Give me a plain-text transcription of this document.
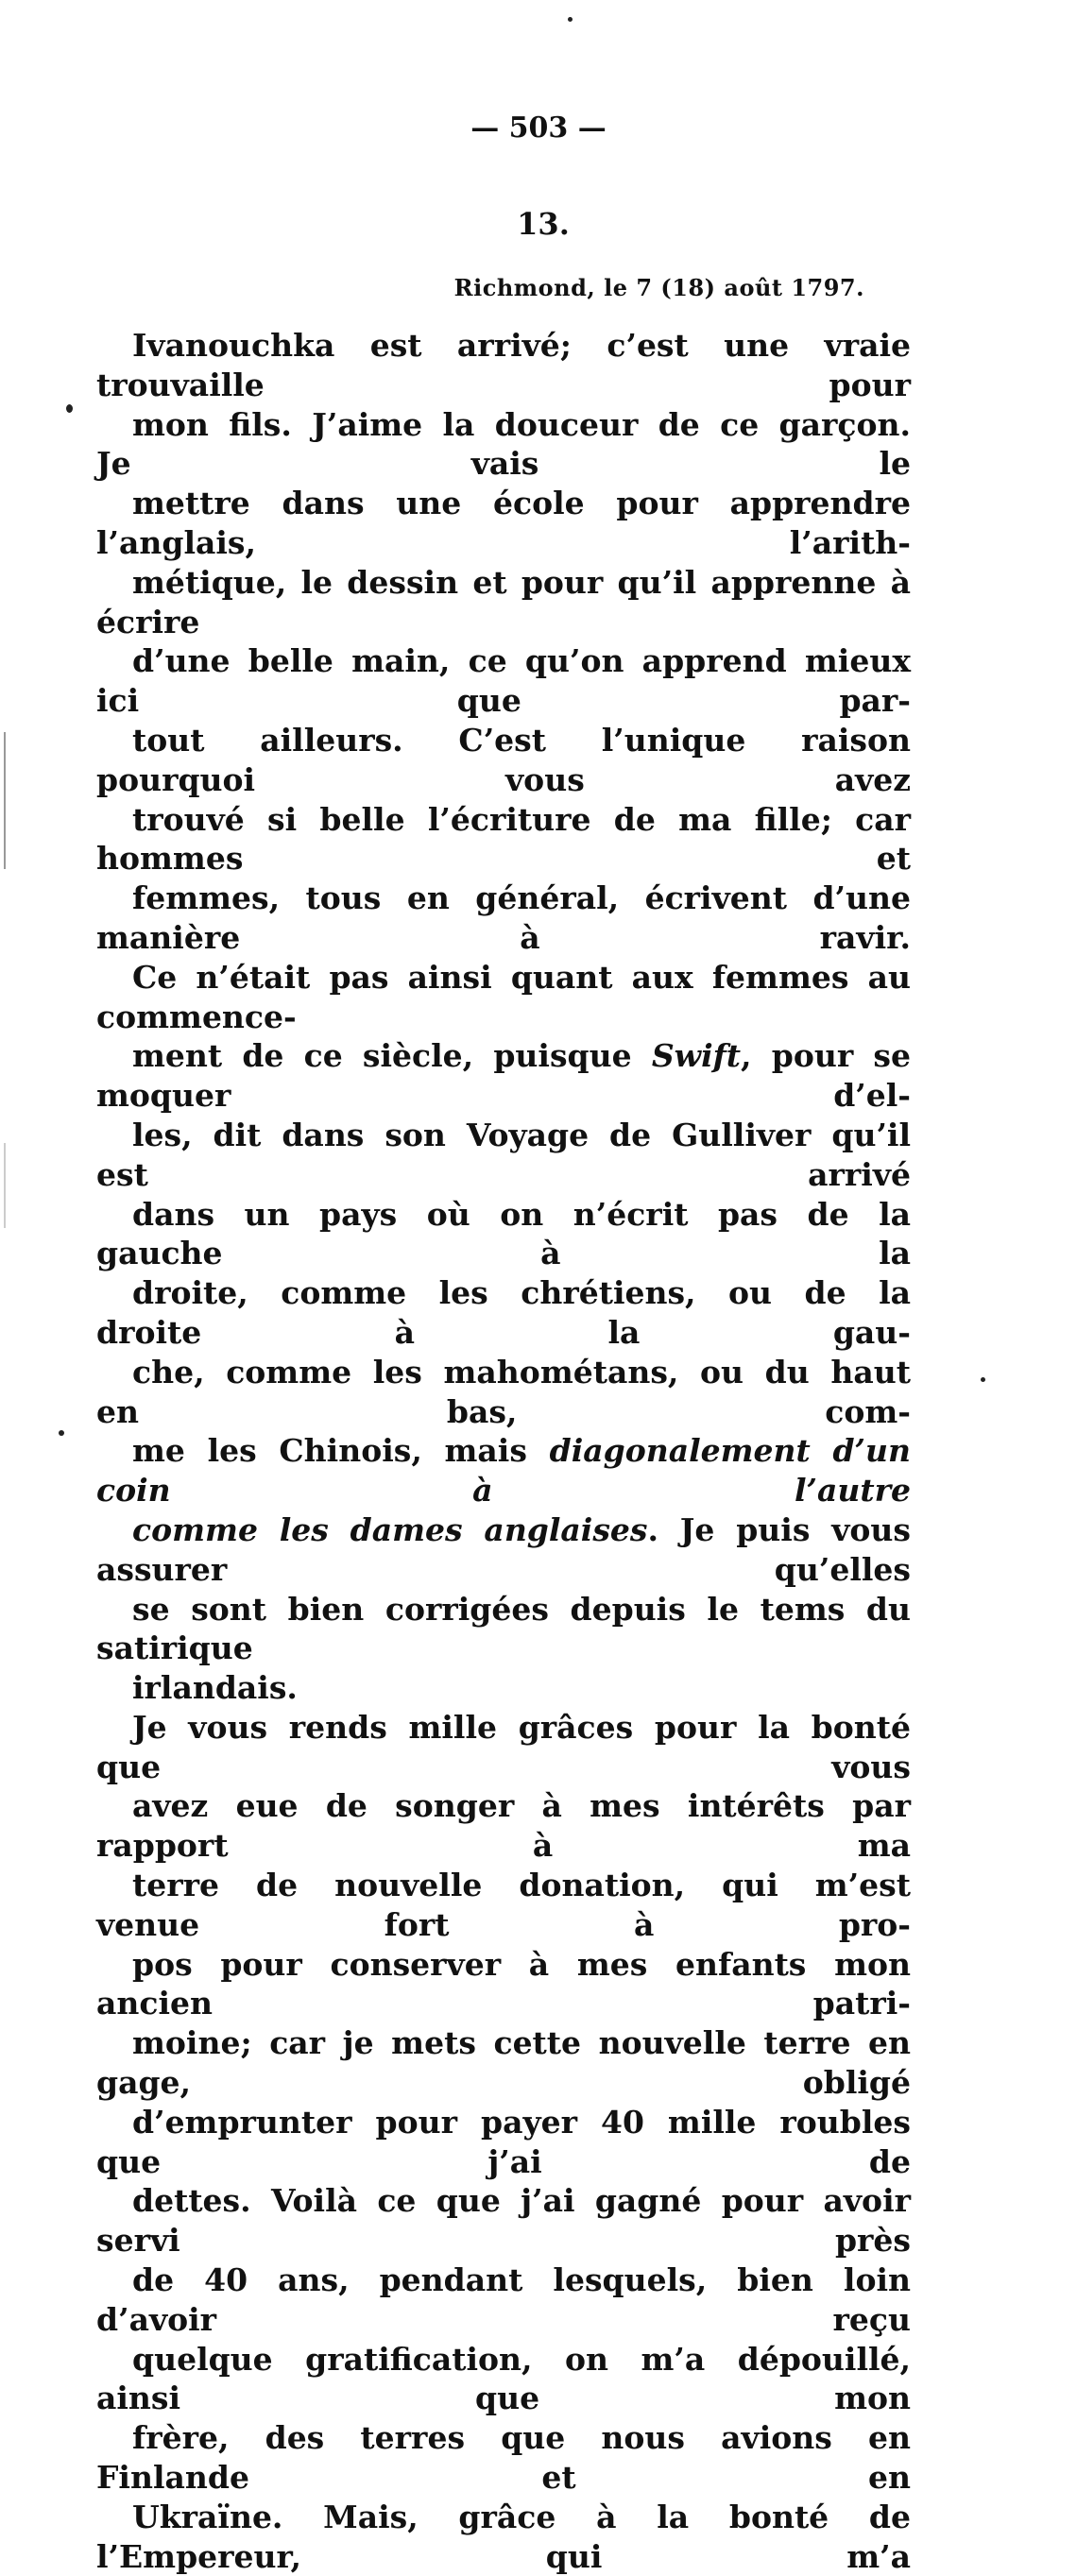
— 503 —
13.
Richmond, le 7 (18) août 1797.

Ivanouchka est arrivé; c’est une vraie trouvaille pour
mon fils. J’aime la douceur de ce garçon. Je vais le
mettre dans une école pour apprendre l’anglais, l’arith-
métique, le dessin et pour qu’il apprenne à écrire
d’une belle main, ce qu’on apprend mieux ici que par-
tout ailleurs. C’est l’unique raison pourquoi vous avez
trouvé si belle l’écriture de ma fille; car hommes et
femmes, tous en général, écrivent d’une manière à ravir.
Ce n’était pas ainsi quant aux femmes au commence-
ment de ce siècle, puisque Swift, pour se moquer d’el-
les, dit dans son Voyage de Gulliver qu’il est arrivé
dans un pays où on n’écrit pas de la gauche à la
droite, comme les chrétiens, ou de la droite à la gau-
che, comme les mahométans, ou du haut en bas, com-
me les Chinois, mais diagonalement d’un coin à l’autre
comme les dames anglaises. Je puis vous assurer qu’elles
se sont bien corrigées depuis le tems du satirique
irlandais.

Je vous rends mille grâces pour la bonté que vous
avez eue de songer à mes intérêts par rapport à ma
terre de nouvelle donation, qui m’est venue fort à pro-
pos pour conserver à mes enfants mon ancien patri-
moine; car je mets cette nouvelle terre en gage, obligé
d’emprunter pour payer 40 mille roubles que j’ai de
dettes. Voilà ce que j’ai gagné pour avoir servi près
de 40 ans, pendant lesquels, bien loin d’avoir reçu
quelque gratification, on m’a dépouillé, ainsi que mon
frère, des terres que nous avions en Finlande et en
Ukraïne. Mais, grâce à la bonté de l’Empereur, qui m’a
